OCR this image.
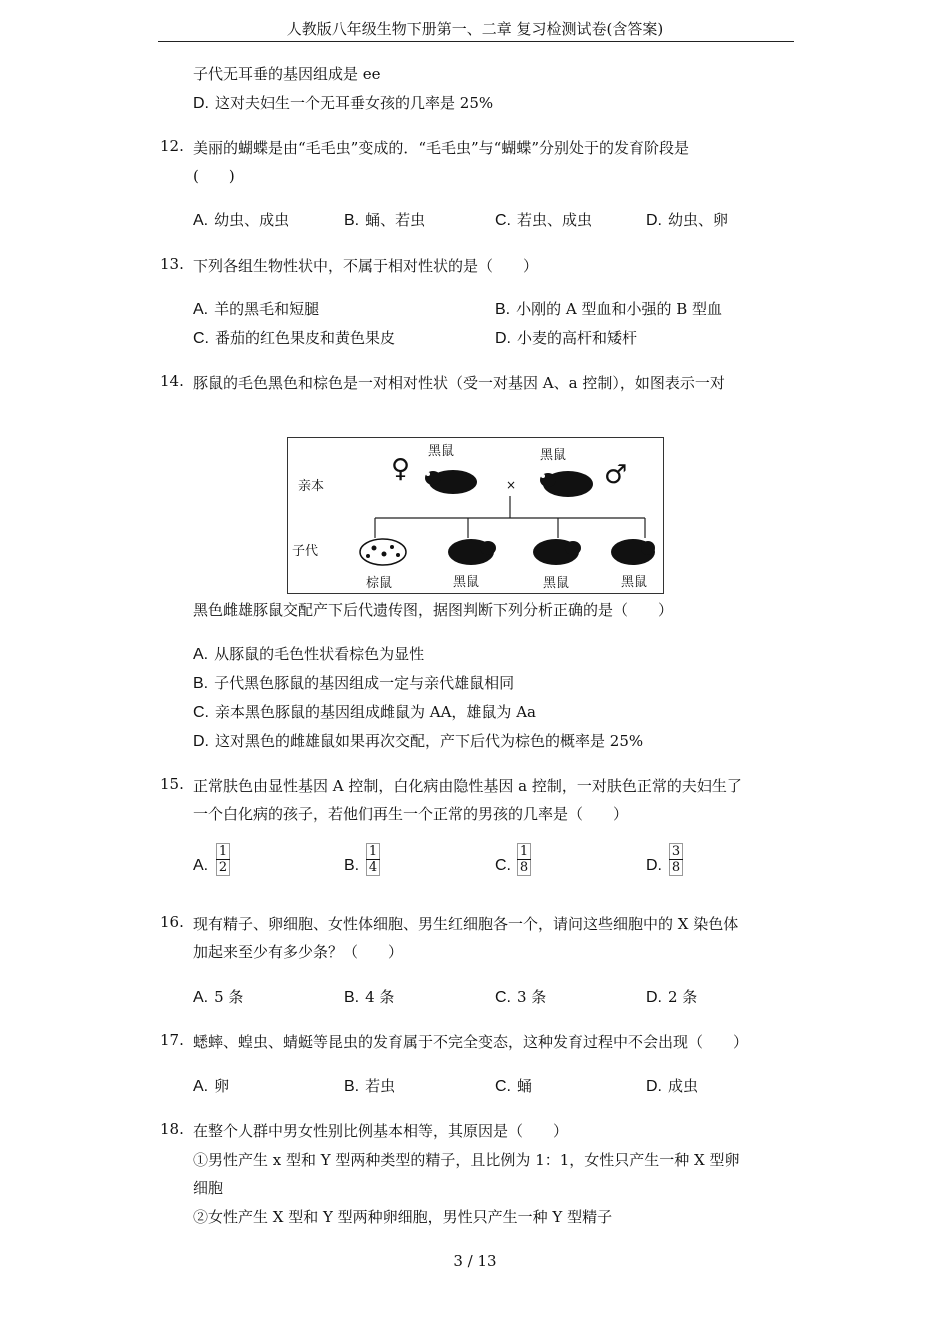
人教版八年级生物下册第一、二章 复习检测试卷(含答案)
子代无耳垂的基因组成是 ee
D. 这对夫妇生一个无耳垂女孩的几率是 25%
12. 美丽的蝴蝶是由“毛毛虫”变成的．“毛毛虫”与“蝴蝶”分别处于的发育阶段是
(　　)
A. 幼虫、成虫	B. 蛹、若虫	C. 若虫、成虫	D. 幼虫、卵
13. 下列各组生物性状中，不属于相对性状的是（　　）
A. 羊的黑毛和短腿	B. 小刚的 A 型血和小强的 B 型血
C. 番茄的红色果皮和黄色果皮	D. 小麦的高杆和矮杆
14. 豚鼠的毛色黑色和棕色是一对相对性状（受一对基因 A、a 控制），如图表示一对
亲本
子代
♀	♂
黑鼠	黑鼠
×
棕鼠	黑鼠	黑鼠	黑鼠
黑色雌雄豚鼠交配产下后代遗传图，据图判断下列分析正确的是（　　）
A. 从豚鼠的毛色性状看棕色为显性
B. 子代黑色豚鼠的基因组成一定与亲代雄鼠相同
C. 亲本黑色豚鼠的基因组成雌鼠为 AA，雄鼠为 Aa
D. 这对黑色的雌雄鼠如果再次交配，产下后代为棕色的概率是 25%
15. 正常肤色由显性基因 A 控制，白化病由隐性基因 a 控制，一对肤色正常的夫妇生了
一个白化病的孩子，若他们再生一个正常的男孩的几率是（　　）
A.
1
2	B.
1
4	C.
1
8	D.
3
8
16. 现有精子、卵细胞、女性体细胞、男生红细胞各一个，请问这些细胞中的 X 染色体
加起来至少有多少条？（　　）
A. 5 条	B. 4 条	C. 3 条	D. 2 条
17. 蟋蟀、蝗虫、蜻蜓等昆虫的发育属于不完全变态，这种发育过程中不会出现（　　）
A. 卵	B. 若虫	C. 蛹	D. 成虫
18. 在整个人群中男女性别比例基本相等，其原因是（　　）
①男性产生 x 型和 Y 型两种类型的精子，且比例为 1：1，女性只产生一种 X 型卵
细胞
②女性产生 X 型和 Y 型两种卵细胞，男性只产生一种 Y 型精子
3 / 13
